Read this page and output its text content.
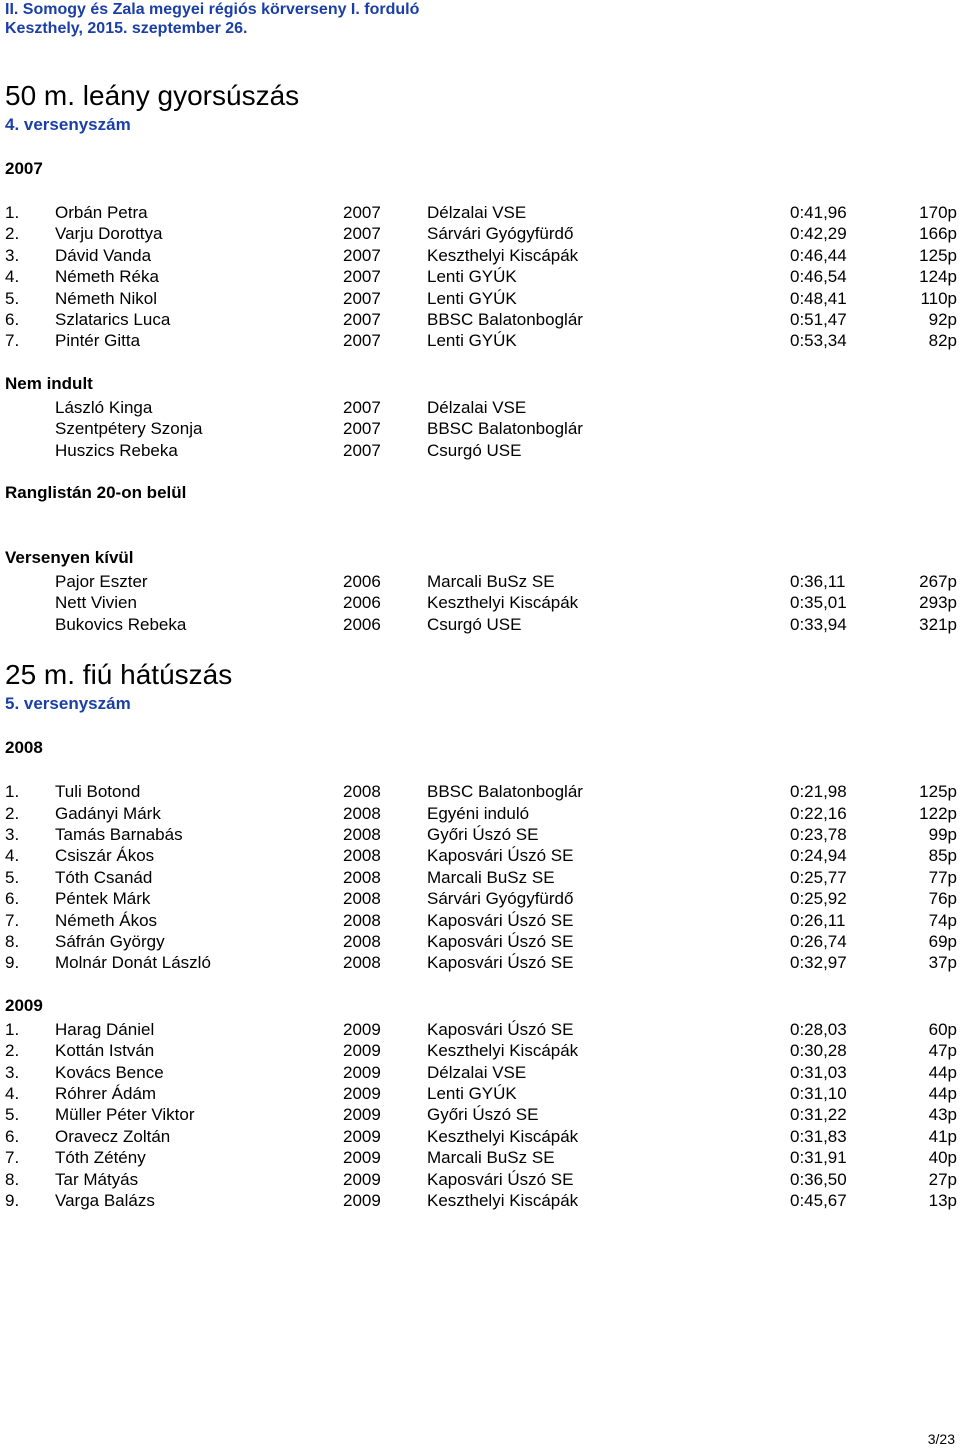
II. Somogy és Zala megyei régiós körverseny I. forduló
Keszthely, 2015. szeptember 26.
50 m. leány gyorsúszás
4. versenyszám
2007
1. Orbán Petra	2007	Délzalai VSE	0:41,96	170p
2. Varju Dorottya	2007	Sárvári Gyógyfürdő	0:42,29	166p
3. Dávid Vanda	2007	Keszthelyi Kiscápák	0:46,44	125p
4. Németh Réka	2007	Lenti GYÚK	0:46,54	124p
5. Németh Nikol	2007	Lenti GYÚK	0:48,41	110p
6. Szlatarics Luca	2007	BBSC Balatonboglár	0:51,47	92p
7. Pintér Gitta	2007	Lenti GYÚK	0:53,34	82p
Nem indult
László Kinga	2007	Délzalai VSE
Szentpétery Szonja	2007	BBSC Balatonboglár
Huszics Rebeka	2007	Csurgó USE
Ranglistán 20-on belül
Versenyen kívül
Pajor Eszter	2006	Marcali BuSz SE	0:36,11	267p
Nett Vivien	2006	Keszthelyi Kiscápák	0:35,01	293p
Bukovics Rebeka	2006	Csurgó USE	0:33,94	321p
25 m. fiú hátúszás
5. versenyszám
2008
1. Tuli Botond	2008	BBSC Balatonboglár	0:21,98	125p
2. Gadányi Márk	2008	Egyéni induló	0:22,16	122p
3. Tamás Barnabás	2008	Győri Úszó SE	0:23,78	99p
4. Csiszár Ákos	2008	Kaposvári Úszó SE	0:24,94	85p
5. Tóth Csanád	2008	Marcali BuSz SE	0:25,77	77p
6. Péntek Márk	2008	Sárvári Gyógyfürdő	0:25,92	76p
7. Németh Ákos	2008	Kaposvári Úszó SE	0:26,11	74p
8. Sáfrán György	2008	Kaposvári Úszó SE	0:26,74	69p
9. Molnár Donát László	2008	Kaposvári Úszó SE	0:32,97	37p
2009
1. Harag Dániel	2009	Kaposvári Úszó SE	0:28,03	60p
2. Kottán István	2009	Keszthelyi Kiscápák	0:30,28	47p
3. Kovács Bence	2009	Délzalai VSE	0:31,03	44p
4. Róhrer Ádám	2009	Lenti GYÚK	0:31,10	44p
5. Müller Péter Viktor	2009	Győri Úszó SE	0:31,22	43p
6. Oravecz Zoltán	2009	Keszthelyi Kiscápák	0:31,83	41p
7. Tóth Zétény	2009	Marcali BuSz SE	0:31,91	40p
8. Tar Mátyás	2009	Kaposvári Úszó SE	0:36,50	27p
9. Varga Balázs	2009	Keszthelyi Kiscápák	0:45,67	13p
3/23
